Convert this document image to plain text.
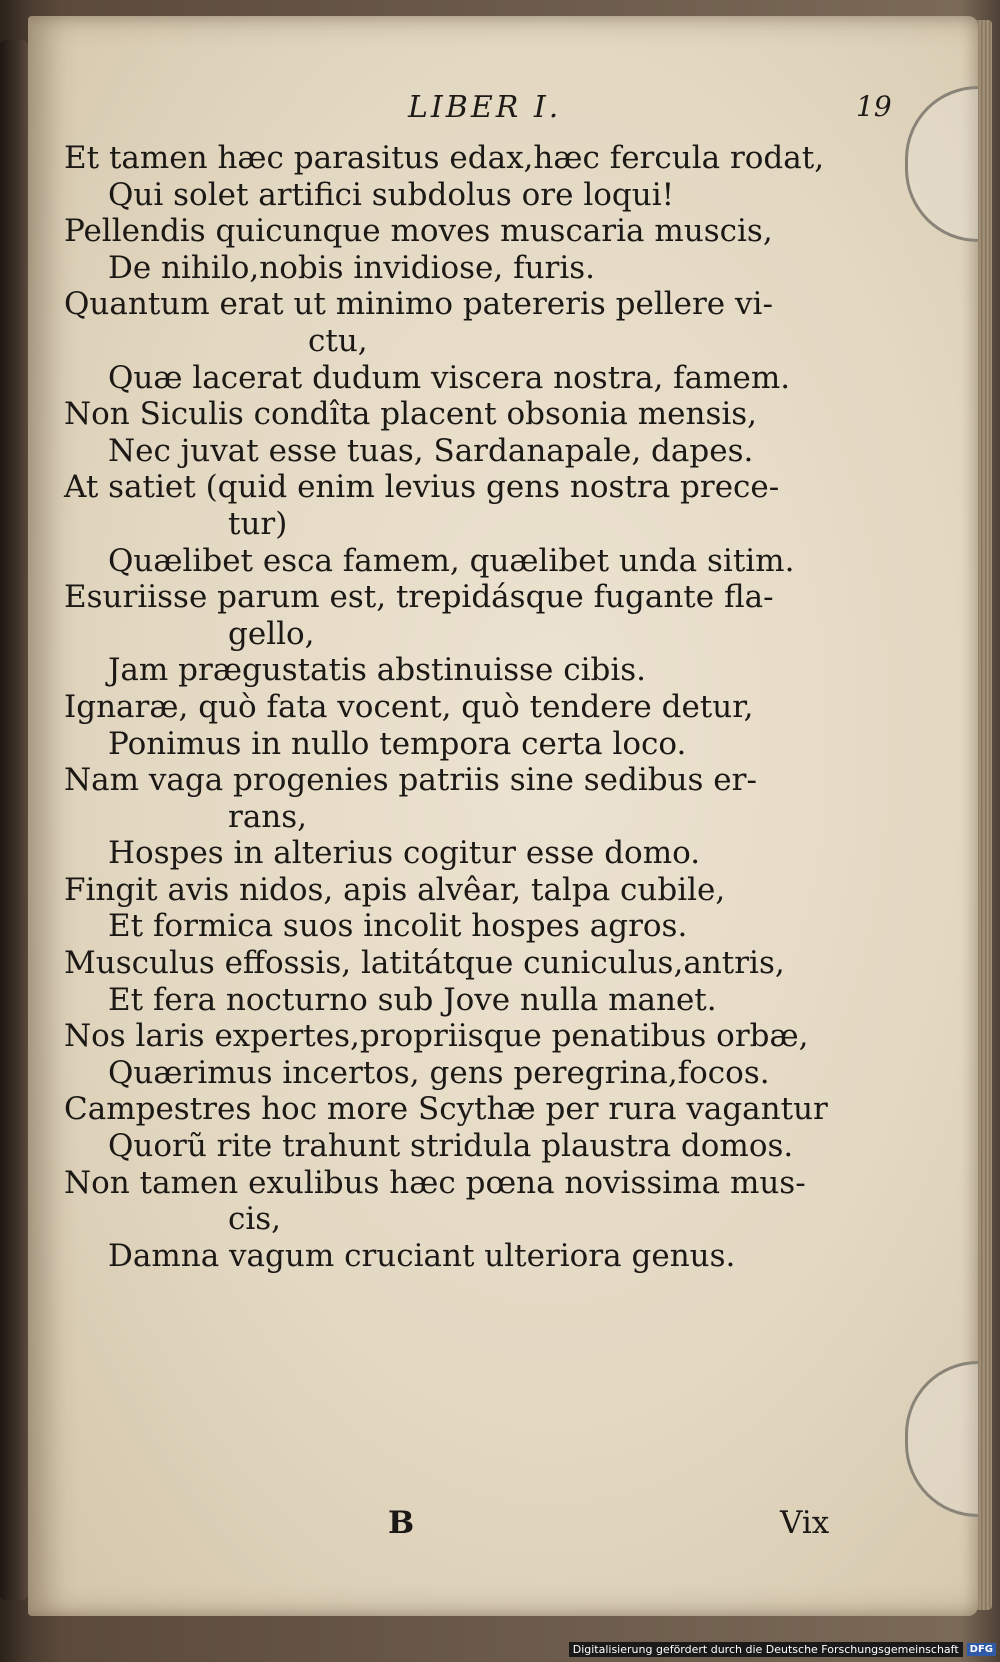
LIBER I.	19
Et tamen hæc parasitus edax,hæc fercula rodat,
Qui solet artifici subdolus ore loqui!
Pellendis quicunque moves muscaria muscis,
De nihilo,nobis invidiose, furis.
Quantum erat ut minimo patereris pellere vi-
ctu,
Quæ lacerat dudum viscera nostra, famem.
Non Siculis condîta placent obsonia mensis,
Nec juvat esse tuas, Sardanapale, dapes.
At satiet (quid enim levius gens nostra prece-
tur)
Quælibet esca famem, quælibet unda sitim.
Esuriisse parum est, trepidásque fugante fla-
gello,
Jam prægustatis abstinuisse cibis.
Ignaræ, quò fata vocent, quò tendere detur,
Ponimus in nullo tempora certa loco.
Nam vaga progenies patriis sine sedibus er-
rans,
Hospes in alterius cogitur esse domo.
Fingit avis nidos, apis alvêar, talpa cubile,
Et formica suos incolit hospes agros.
Musculus effossis, latitátque cuniculus,antris,
Et fera nocturno sub Jove nulla manet.
Nos laris expertes,propriisque penatibus orbæ,
Quærimus incertos, gens peregrina,focos.
Campestres hoc more Scythæ per rura vagantur
Quorũ rite trahunt stridula plaustra domos.
Non tamen exulibus hæc pœna novissima mus-
cis,
Damna vagum cruciant ulteriora genus.
B	Vix
Digitalisierung gefördert durch die Deutsche Forschungsgemeinschaft	DFG
